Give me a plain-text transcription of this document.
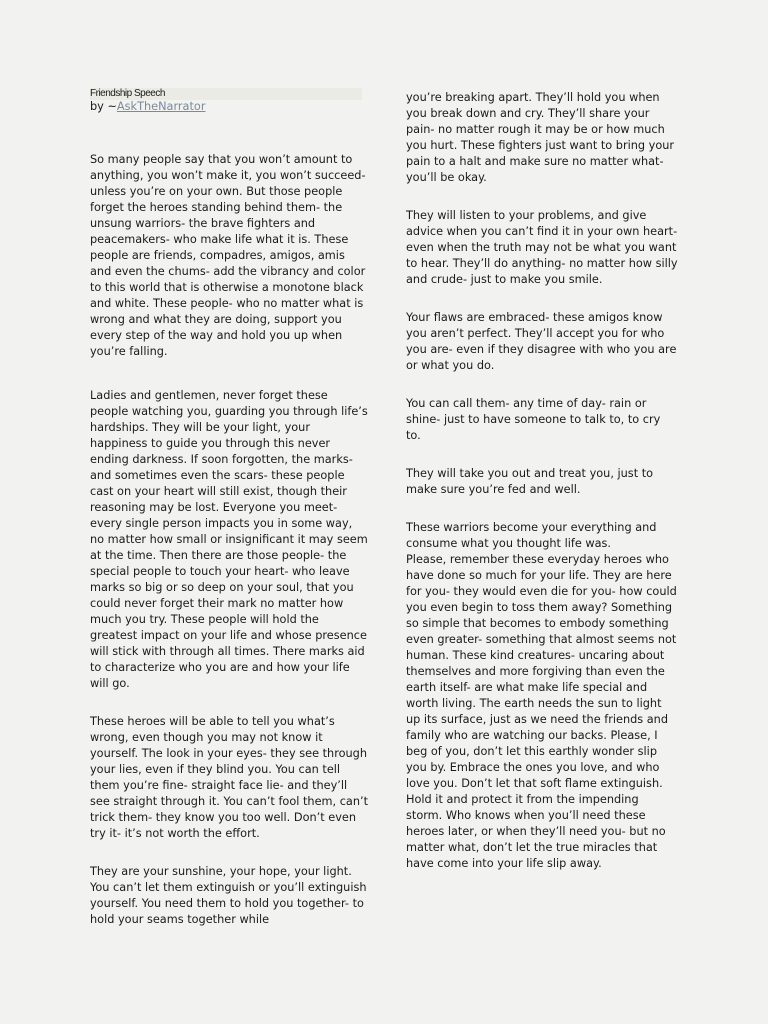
Friendship Speech

by ~AskTheNarrator

So many people say that you won’t amount to anything, you won’t make it, you won’t succeed- unless you’re on your own. But those people forget the heroes standing behind them- the unsung warriors- the brave fighters and peacemakers- who make life what it is. These people are friends, compadres, amigos, amis and even the chums- add the vibrancy and color to this world that is otherwise a monotone black and white. These people- who no matter what is wrong and what they are doing, support you every step of the way and hold you up when you’re falling.

Ladies and gentlemen, never forget these people watching you, guarding you through life’s hardships. They will be your light, your happiness to guide you through this never ending darkness. If soon forgotten, the marks- and sometimes even the scars- these people cast on your heart will still exist, though their reasoning may be lost. Everyone you meet- every single person impacts you in some way, no matter how small or insignificant it may seem at the time. Then there are those people- the special people to touch your heart- who leave marks so big or so deep on your soul, that you could never forget their mark no matter how much you try. These people will hold the greatest impact on your life and whose presence will stick with through all times. There marks aid to characterize who you are and how your life will go.

These heroes will be able to tell you what’s wrong, even though you may not know it yourself. The look in your eyes- they see through your lies, even if they blind you. You can tell them you’re fine- straight face lie- and they’ll see straight through it. You can’t fool them, can’t trick them- they know you too well. Don’t even try it- it’s not worth the effort.

They are your sunshine, your hope, your light. You can’t let them extinguish or you’ll extinguish yourself. You need them to hold you together- to hold your seams together while

you’re breaking apart. They’ll hold you when you break down and cry. They’ll share your pain- no matter rough it may be or how much you hurt. These fighters just want to bring your pain to a halt and make sure no matter what- you’ll be okay.

They will listen to your problems, and give advice when you can’t find it in your own heart- even when the truth may not be what you want to hear. They’ll do anything- no matter how silly and crude- just to make you smile.

Your flaws are embraced- these amigos know you aren’t perfect. They’ll accept you for who you are- even if they disagree with who you are or what you do.

You can call them- any time of day- rain or shine- just to have someone to talk to, to cry to.

They will take you out and treat you, just to make sure you’re fed and well.

These warriors become your everything and consume what you thought life was.

Please, remember these everyday heroes who have done so much for your life. They are here for you- they would even die for you- how could you even begin to toss them away? Something so simple that becomes to embody something even greater- something that almost seems not human. These kind creatures- uncaring about themselves and more forgiving than even the earth itself- are what make life special and worth living. The earth needs the sun to light up its surface, just as we need the friends and family who are watching our backs. Please, I beg of you, don’t let this earthly wonder slip you by. Embrace the ones you love, and who love you. Don’t let that soft flame extinguish. Hold it and protect it from the impending storm. Who knows when you’ll need these heroes later, or when they’ll need you- but no matter what, don’t let the true miracles that have come into your life slip away.
